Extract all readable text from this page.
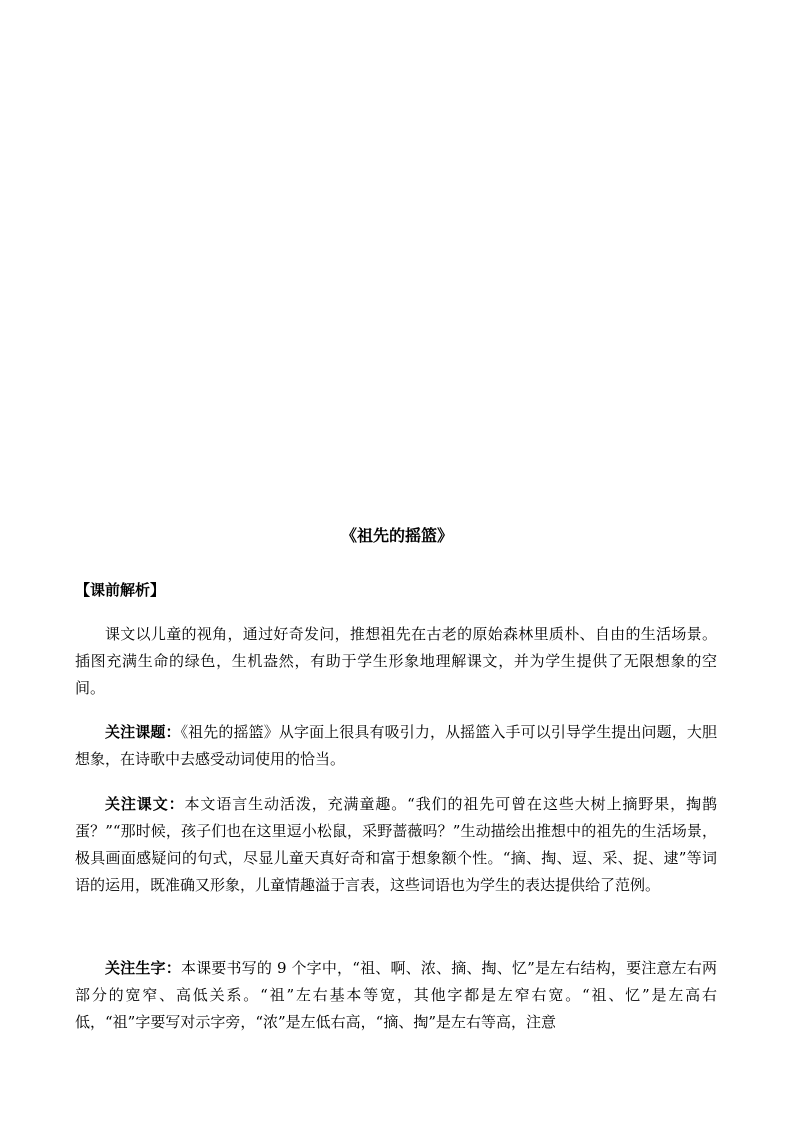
《祖先的摇篮》
【课前解析】

课文以儿童的视角，通过好奇发问，推想祖先在古老的原始森林里质朴、自由的生活场景。插图充满生命的绿色，生机盎然，有助于学生形象地理解课文，并为学生提供了无限想象的空间。

关注课题：《祖先的摇篮》从字面上很具有吸引力，从摇篮入手可以引导学生提出问题，大胆想象，在诗歌中去感受动词使用的恰当。

关注课文：本文语言生动活泼，充满童趣。“我们的祖先可曾在这些大树上摘野果，掏鹊蛋？”“那时候，孩子们也在这里逗小松鼠，采野蔷薇吗？”生动描绘出推想中的祖先的生活场景，极具画面感疑问的句式，尽显儿童天真好奇和富于想象额个性。“摘、掏、逗、采、捉、逮”等词语的运用，既准确又形象，儿童情趣溢于言表，这些词语也为学生的表达提供给了范例。

关注生字：本课要书写的 9 个字中，“祖、啊、浓、摘、掏、忆”是左右结构，要注意左右两部分的宽窄、高低关系。“祖”左右基本等宽，其他字都是左窄右宽。“祖、忆”是左高右低，“祖”字要写对示字旁，“浓”是左低右高，“摘、掏”是左右等高，注意
